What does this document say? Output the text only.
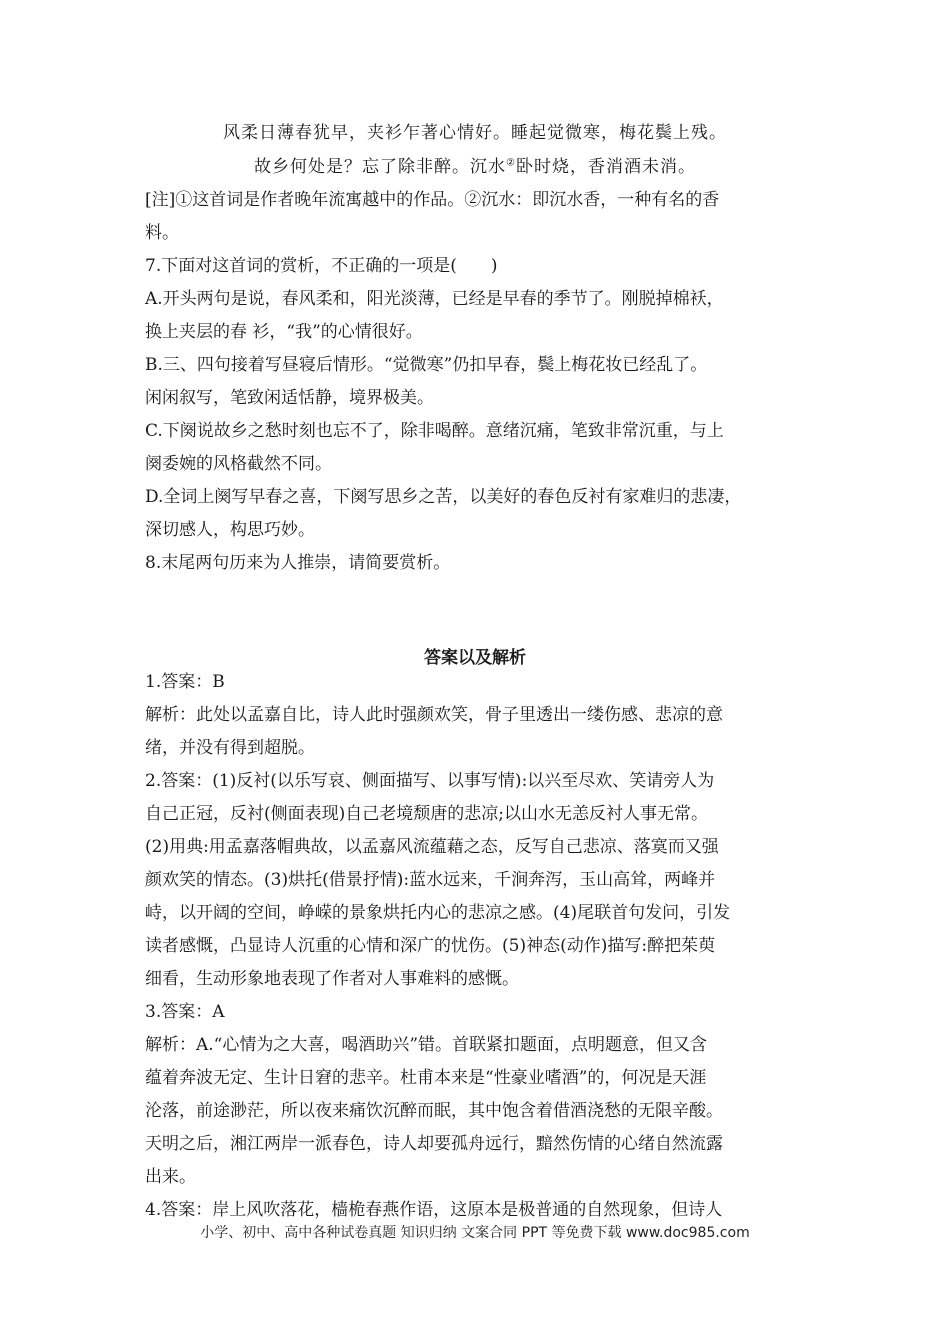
风柔日薄春犹早，夹衫乍著心情好。睡起觉微寒，梅花鬓上残。
故乡何处是？忘了除非醉。沉水②卧时烧，香消酒未消。
[注]①这首词是作者晚年流寓越中的作品。②沉水：即沉水香，一种有名的香
料。
7.下面对这首词的赏析，不正确的一项是(　　)
A.开头两句是说，春风柔和，阳光淡薄，已经是早春的季节了。刚脱掉棉袄，
换上夹层的春 衫，“我”的心情很好。
B.三、四句接着写昼寝后情形。“觉微寒”仍扣早春，鬓上梅花妆已经乱了。
闲闲叙写，笔致闲适恬静，境界极美。
C.下阕说故乡之愁时刻也忘不了，除非喝醉。意绪沉痛，笔致非常沉重，与上
阕委婉的风格截然不同。
D.全词上阕写早春之喜，下阕写思乡之苦，以美好的春色反衬有家难归的悲凄，
深切感人，构思巧妙。
8.末尾两句历来为人推崇，请简要赏析。
答案以及解析
1.答案：B
解析：此处以孟嘉自比，诗人此时强颜欢笑，骨子里透出一缕伤感、悲凉的意
绪，并没有得到超脱。
2.答案：(1)反衬(以乐写哀、侧面描写、以事写情):以兴至尽欢、笑请旁人为
自己正冠，反衬(侧面表现)自己老境颓唐的悲凉;以山水无恙反衬人事无常。
(2)用典:用孟嘉落帽典故，以孟嘉风流蕴藉之态，反写自己悲凉、落寞而又强
颜欢笑的情态。(3)烘托(借景抒情):蓝水远来，千涧奔泻，玉山高耸，两峰并
峙，以开阔的空间，峥嵘的景象烘托内心的悲凉之感。(4)尾联首句发问，引发
读者感慨，凸显诗人沉重的心情和深广的忧伤。(5)神态(动作)描写:醉把茱萸
细看，生动形象地表现了作者对人事难料的感慨。
3.答案：A
解析：A.“心情为之大喜，喝酒助兴”错。首联紧扣题面，点明题意，但又含
蕴着奔波无定、生计日窘的悲辛。杜甫本来是“性豪业嗜酒”的，何况是天涯
沦落，前途渺茫，所以夜来痛饮沉醉而眠，其中饱含着借酒浇愁的无限辛酸。
天明之后，湘江两岸一派春色，诗人却要孤舟远行，黯然伤情的心绪自然流露
出来。
4.答案：岸上风吹落花，樯桅春燕作语，这原本是极普通的自然现象，但诗人
小学、初中、高中各种试卷真题 知识归纳 文案合同 PPT 等免费下载 www.doc985.com
